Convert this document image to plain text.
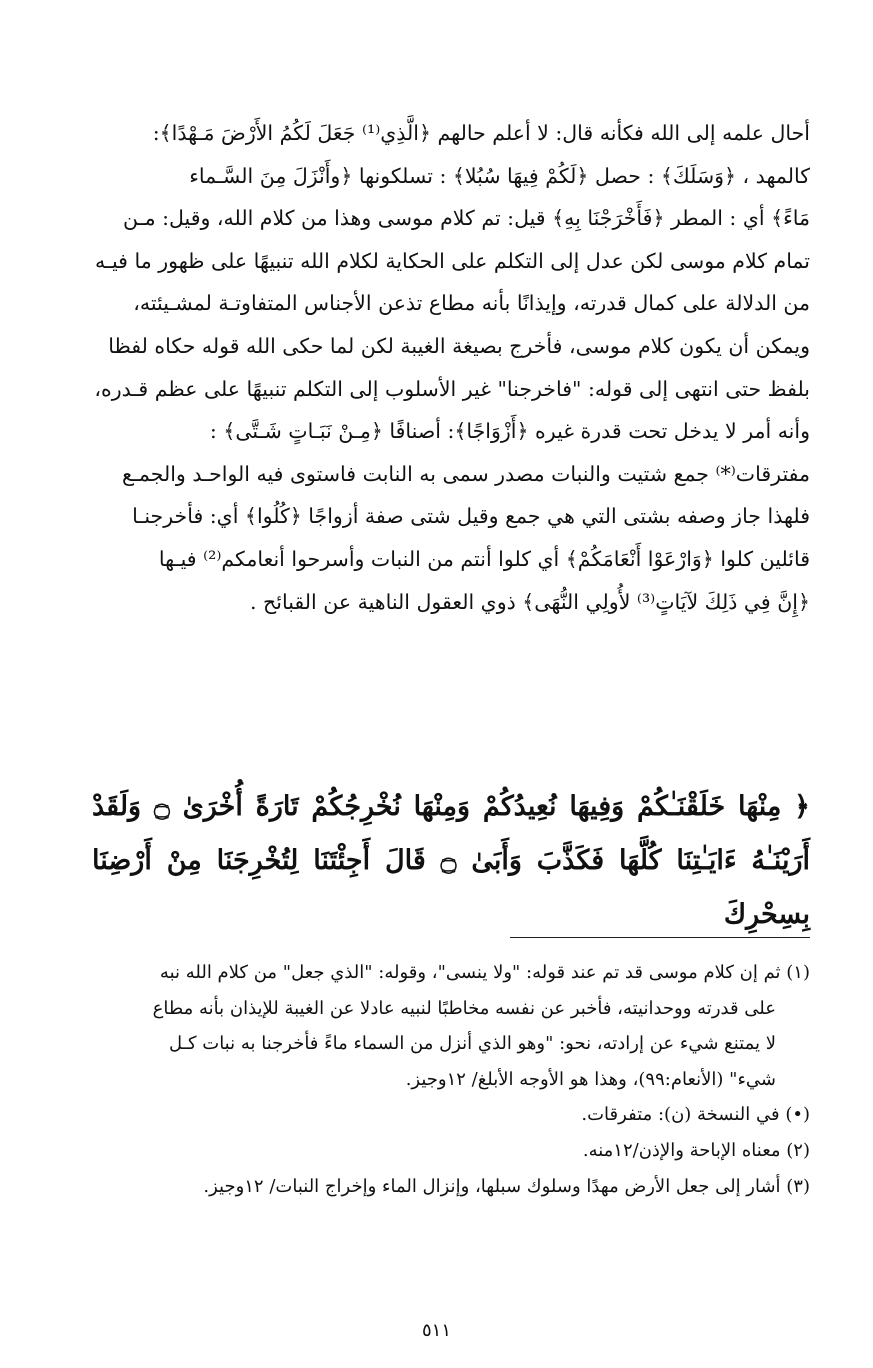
أحال علمه إلى الله فكأنه قال: لا أعلم حالهم ﴿الَّذِي⁽¹⁾ جَعَلَ لَكُمُ الأَرْضَ مَـهْدًا﴾:

كالمهد ، ﴿وَسَلَكَ﴾ : حصل ﴿لَكُمْ فِيهَا سُبُلا﴾ : تسلكونها ﴿وأَنْزَلَ مِنَ السَّـماء

مَاءً﴾ أي : المطر ﴿فَأَخْرَجْنَا بِهِ﴾ قيل: تم كلام موسى وهذا من كلام الله، وقيل: مـن

تمام كلام موسى لكن عدل إلى التكلم على الحكاية لكلام الله تنبيهًا على ظهور ما فيـه

من الدلالة على كمال قدرته، وإيذانًا بأنه مطاع تذعن الأجناس المتفاوتـة لمشـيئته،

ويمكن أن يكون كلام موسى، فأخرج بصيغة الغيبة لكن لما حكى الله قوله حكاه لفظا

بلفظ حتى انتهى إلى قوله: "فاخرجنا" غير الأسلوب إلى التكلم تنبيهًا على عظم قـدره،

وأنه أمر لا يدخل تحت قدرة غيره ﴿أَزْوَاجًا﴾: أصنافًا ﴿مِـنْ نَبَـاتٍ شَـتَّى﴾ :

مفترقات⁽*⁾ جمع شتيت والنبات مصدر سمى به النابت فاستوى فيه الواحـد والجمـع

فلهذا جاز وصفه بشتى التي هي جمع وقيل شتى صفة أزواجًا ﴿كُلُوا﴾ أي: فأخرجنـا

قائلين كلوا ﴿وَارْعَوْا أَنْعَامَكُمْ﴾ أي كلوا أنتم من النبات وأسرحوا أنعامكم⁽²⁾ فيـها

﴿إِنَّ فِي ذَلِكَ لآيَاتٍ⁽³⁾ لأُولِي النُّهَى﴾ ذوي العقول الناهية عن القبائح .

﴿ مِنْهَا خَلَقْنَـٰكُمْ وَفِيهَا نُعِيدُكُمْ وَمِنْهَا نُخْرِجُكُمْ تَارَةً أُخْرَىٰ ۝ وَلَقَدْ

أَرَيْنَـٰهُ ءَايَـٰتِنَا كُلَّهَا فَكَذَّبَ وَأَبَىٰ ۝ قَالَ أَجِئْتَنَا لِتُخْرِجَنَا مِنْ أَرْضِنَا بِسِحْرِكَ

(١) ثم إن كلام موسى قد تم عند قوله: "ولا ينسى"، وقوله: "الذي جعل" من كلام الله نبه

على قدرته ووحدانيته، فأخبر عن نفسه مخاطبًا لنبيه عادلا عن الغيبة للإيذان بأنه مطاع

لا يمتنع شيء عن إرادته، نحو: "وهو الذي أنزل من السماء ماءً فأخرجنا به نبات كـل

شيء" (الأنعام:٩٩)، وهذا هو الأوجه الأبلغ/ ١٢وجيز.

(•) في النسخة (ن): متفرقات.

(٢) معناه الإباحة والإذن/١٢منه.

(٣) أشار إلى جعل الأرض مهدًا وسلوك سبلها، وإنزال الماء وإخراج النبات/ ١٢وجيز.

٥١١
